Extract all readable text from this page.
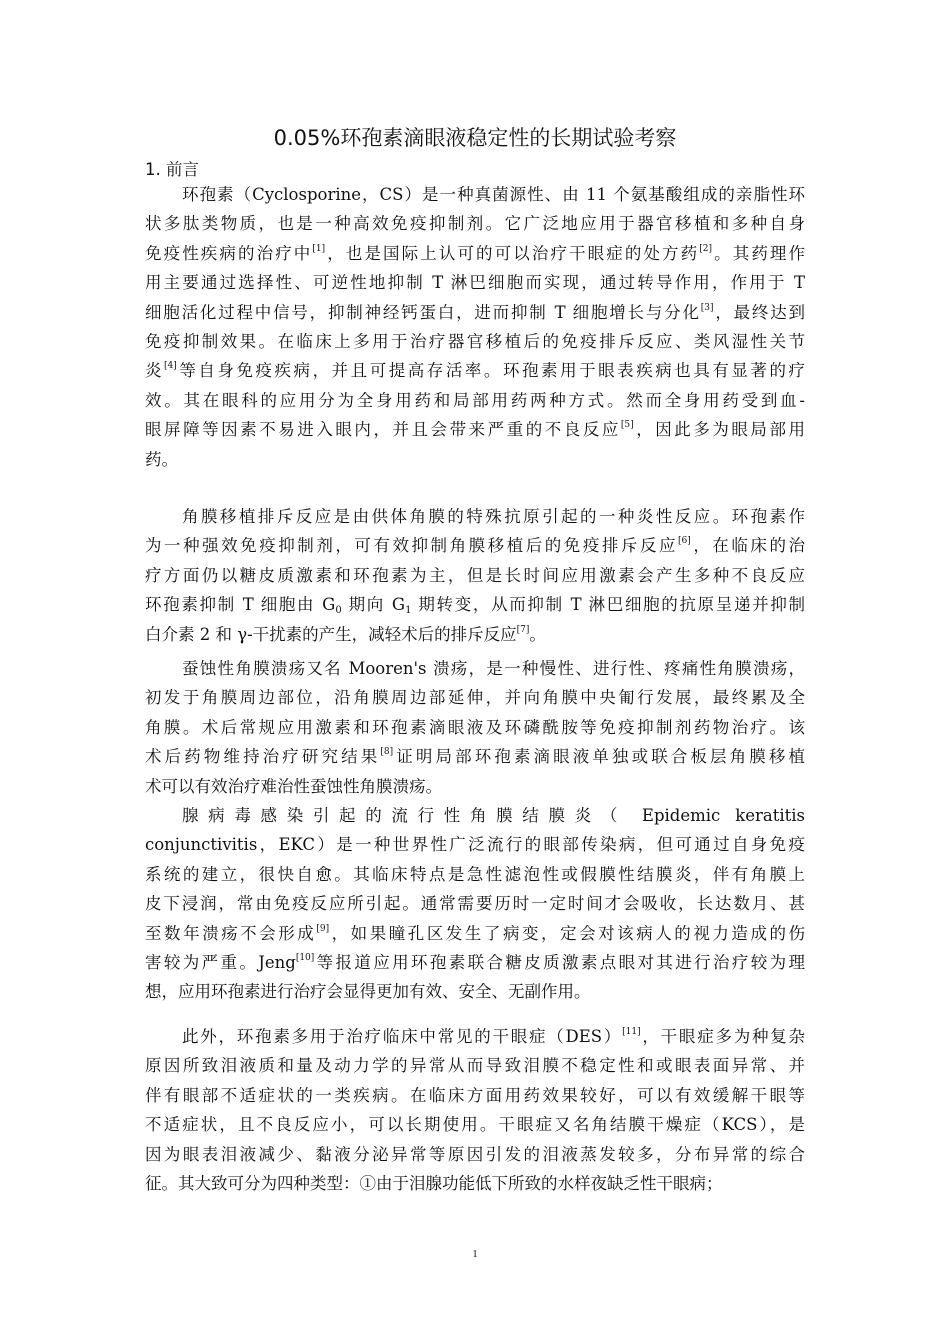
0.05%环孢素滴眼液稳定性的长期试验考察
1. 前言
环孢素（Cyclosporine，CS）是一种真菌源性、由 11 个氨基酸组成的亲脂性环
状多肽类物质，也是一种高效免疫抑制剂。它广泛地应用于器官移植和多种自身
免疫性疾病的治疗中[1]，也是国际上认可的可以治疗干眼症的处方药[2]。其药理作
用主要通过选择性、可逆性地抑制 T 淋巴细胞而实现，通过转导作用，作用于 T
细胞活化过程中信号，抑制神经钙蛋白，进而抑制 T 细胞增长与分化[3]，最终达到
免疫抑制效果。在临床上多用于治疗器官移植后的免疫排斥反应、类风湿性关节
炎[4]等自身免疫疾病，并且可提高存活率。环孢素用于眼表疾病也具有显著的疗
效。其在眼科的应用分为全身用药和局部用药两种方式。然而全身用药受到血-
眼屏障等因素不易进入眼内，并且会带来严重的不良反应[5]，因此多为眼局部用
药。
角膜移植排斥反应是由供体角膜的特殊抗原引起的一种炎性反应。环孢素作
为一种强效免疫抑制剂，可有效抑制角膜移植后的免疫排斥反应[6]，在临床的治
疗方面仍以糖皮质激素和环孢素为主，但是长时间应用激素会产生多种不良反应
环孢素抑制 T 细胞由 $G_0$ 期向 $G_1$ 期转变，从而抑制 T 淋巴细胞的抗原呈递并抑制
白介素 2 和 γ-干扰素的产生，减轻术后的排斥反应[7]。
蚕蚀性角膜溃疡又名 Mooren's 溃疡，是一种慢性、进行性、疼痛性角膜溃疡，
初发于角膜周边部位，沿角膜周边部延伸，并向角膜中央匍行发展，最终累及全
角膜。术后常规应用激素和环孢素滴眼液及环磷酰胺等免疫抑制剂药物治疗。该
术后药物维持治疗研究结果[8]证明局部环孢素滴眼液单独或联合板层角膜移植
术可以有效治疗难治性蚕蚀性角膜溃疡。
腺病毒感染引起的流行性角膜结膜炎（ Epidemic keratitis
conjunctivitis，EKC）是一种世界性广泛流行的眼部传染病，但可通过自身免疫
系统的建立，很快自愈。其临床特点是急性滤泡性或假膜性结膜炎，伴有角膜上
皮下浸润，常由免疫反应所引起。通常需要历时一定时间才会吸收，长达数月、甚
至数年溃疡不会形成[9]，如果瞳孔区发生了病变，定会对该病人的视力造成的伤
害较为严重。Jeng[10]等报道应用环孢素联合糖皮质激素点眼对其进行治疗较为理
想，应用环孢素进行治疗会显得更加有效、安全、无副作用。
此外，环孢素多用于治疗临床中常见的干眼症（DES）[11]，干眼症多为种复杂
原因所致泪液质和量及动力学的异常从而导致泪膜不稳定性和或眼表面异常、并
伴有眼部不适症状的一类疾病。在临床方面用药效果较好，可以有效缓解干眼等
不适症状，且不良反应小，可以长期使用。干眼症又名角结膜干燥症（KCS），是
因为眼表泪液减少、黏液分泌异常等原因引发的泪液蒸发较多，分布异常的综合
征。其大致可分为四种类型：①由于泪腺功能低下所致的水样夜缺乏性干眼病；
1
